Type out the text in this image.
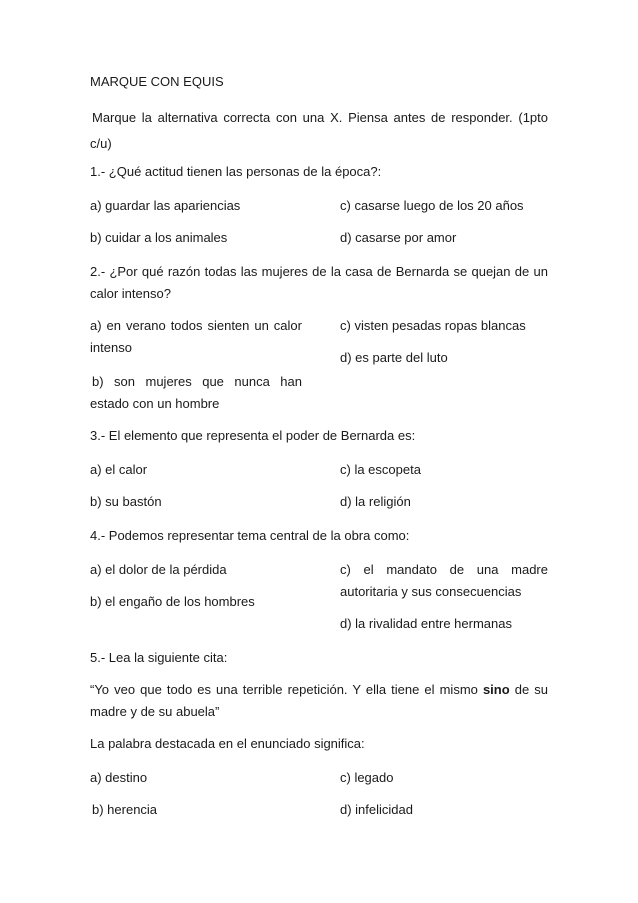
MARQUE CON EQUIS
Marque la alternativa correcta con una X. Piensa antes de responder. (1pto
c/u)
1.- ¿Qué actitud tienen las personas de la época?:
a) guardar las apariencias	c) casarse luego de los 20 años
b) cuidar a los animales	d) casarse por amor
2.- ¿Por qué razón todas las mujeres de la casa de Bernarda se quejan de un
calor intenso?
a) en verano todos sienten un calor
intenso
c) visten pesadas ropas blancas
d) es parte del luto
b) son mujeres que nunca han
estado con un hombre
3.- El elemento que representa el poder de Bernarda es:
a) el calor	c) la escopeta
b) su bastón	d) la religión
4.- Podemos representar tema central de la obra como:
a) el dolor de la pérdida	c) el mandato de una madre
autoritaria y sus consecuencias
b) el engaño de los hombres
d) la rivalidad entre hermanas
5.- Lea la siguiente cita:
“Yo veo que todo es una terrible repetición. Y ella tiene el mismo sino de su
madre y de su abuela”
La palabra destacada en el enunciado significa:
a) destino	c) legado
b) herencia	d) infelicidad
